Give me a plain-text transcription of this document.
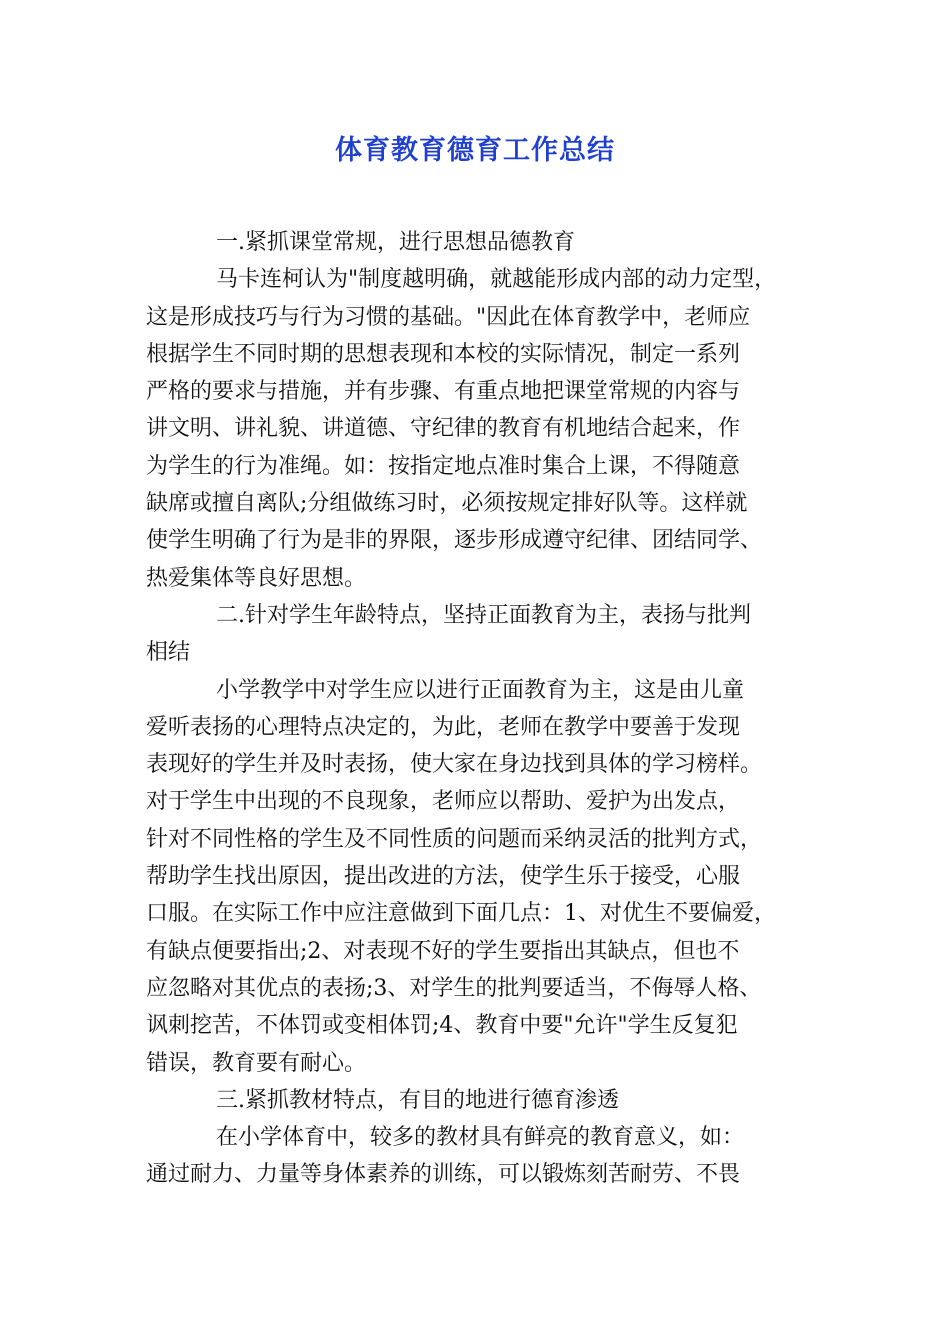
体育教育德育工作总结
一.紧抓课堂常规，进行思想品德教育
马卡连柯认为"制度越明确，就越能形成内部的动力定型，
这是形成技巧与行为习惯的基础。"因此在体育教学中，老师应
根据学生不同时期的思想表现和本校的实际情况，制定一系列
严格的要求与措施，并有步骤、有重点地把课堂常规的内容与
讲文明、讲礼貌、讲道德、守纪律的教育有机地结合起来，作
为学生的行为准绳。如：按指定地点准时集合上课，不得随意
缺席或擅自离队;分组做练习时，必须按规定排好队等。这样就
使学生明确了行为是非的界限，逐步形成遵守纪律、团结同学、
热爱集体等良好思想。
二.针对学生年龄特点，坚持正面教育为主，表扬与批判
相结
小学教学中对学生应以进行正面教育为主，这是由儿童
爱听表扬的心理特点决定的，为此，老师在教学中要善于发现
表现好的学生并及时表扬，使大家在身边找到具体的学习榜样。
对于学生中出现的不良现象，老师应以帮助、爱护为出发点，
针对不同性格的学生及不同性质的问题而采纳灵活的批判方式，
帮助学生找出原因，提出改进的方法，使学生乐于接受，心服
口服。在实际工作中应注意做到下面几点：1、对优生不要偏爱，
有缺点便要指出;2、对表现不好的学生要指出其缺点，但也不
应忽略对其优点的表扬;3、对学生的批判要适当，不侮辱人格、
讽刺挖苦，不体罚或变相体罚;4、教育中要"允许"学生反复犯
错误，教育要有耐心。
三.紧抓教材特点，有目的地进行德育渗透
在小学体育中，较多的教材具有鲜亮的教育意义，如：
通过耐力、力量等身体素养的训练，可以锻炼刻苦耐劳、不畏
